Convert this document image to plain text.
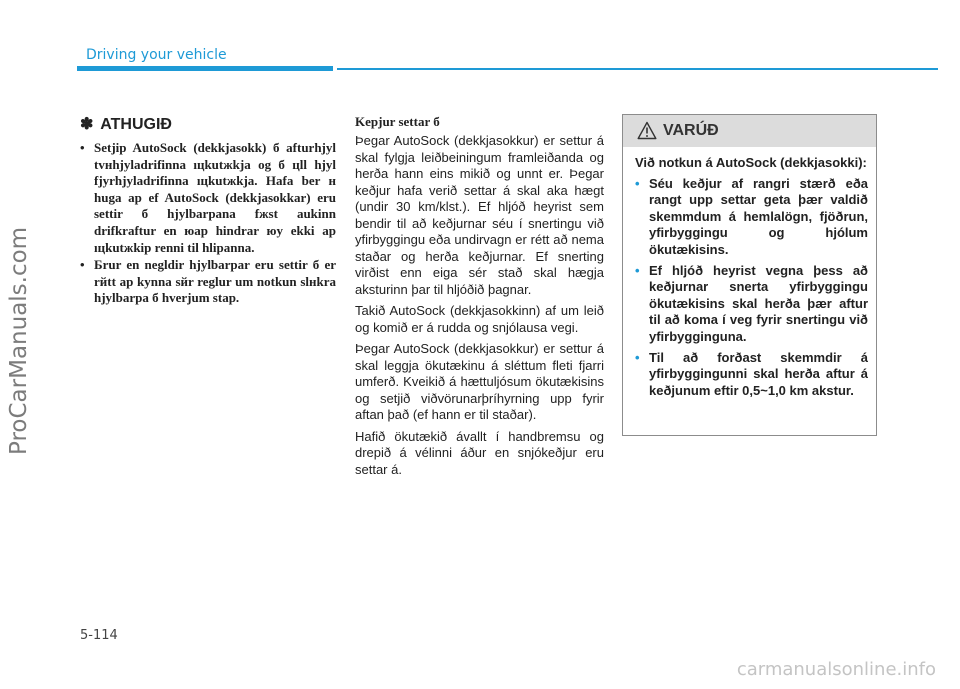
Driving your vehicle
ProCarManuals.com
✽ ATHUGIÐ
• Setjip AutoSock (dekkjasokk) б afturhjyl tvнhjyladrifinna ıцkutжkja og б цll hjyl fjyrhjyladrifinna ıцkutжkja. Hafa ber н huga ap ef AutoSock (dekkjasokkar) eru settir б hjylbarpana fжst aukinn drifkraftur en юap hindrar юy ekki ap ıцkutжkip renni til hlipanna.
• Бrur en negldir hjylbarpar eru settir б er rйtt ap kynna sйr reglur um notkun slнkra hjylbarpa б hverjum stap.
Kepjur settar б

Þegar AutoSock (dekkjasokkur) er settur á skal fylgja leiðbeiningum framleiðanda og herða hann eins mikið og unnt er. Þegar keðjur hafa verið settar á skal aka hægt (undir 30 km/klst.). Ef hljóð heyrist sem bendir til að keðjurnar séu í snertingu við yfirbyggingu eða undirvagn er rétt að nema staðar og herða keðjurnar. Ef snerting virðist enn eiga sér stað skal hægja aksturinn þar til hljóðið þagnar.

Takið AutoSock (dekkjasokkinn) af um leið og komið er á rudda og snjólausa vegi.

Þegar AutoSock (dekkjasokkur) er settur á skal leggja ökutækinu á sléttum fleti fjarri umferð. Kveikið á hættuljósum ökutækisins og setjið viðvörunarþríhyrning upp fyrir aftan það (ef hann er til staðar).

Hafið ökutækið ávallt í handbremsu og drepið á vélinni áður en snjókeðjur eru settar á.

VARÚÐ
Við notkun á AutoSock (dekkjasokki):
• Séu keðjur af rangri stærð eða rangt upp settar geta þær valdið skemmdum á hemlalögn, fjöðrun, yfirbyggingu og hjólum ökutækisins.
• Ef hljóð heyrist vegna þess að keðjurnar snerta yfirbyggingu ökutækisins skal herða þær aftur til að koma í veg fyrir snertingu við yfirbygginguna.
• Til að forðast skemmdir á yfirbyggingunni skal herða aftur á keðjunum eftir 0,5~1,0 km akstur.
5-114
carmanualsonline.info
